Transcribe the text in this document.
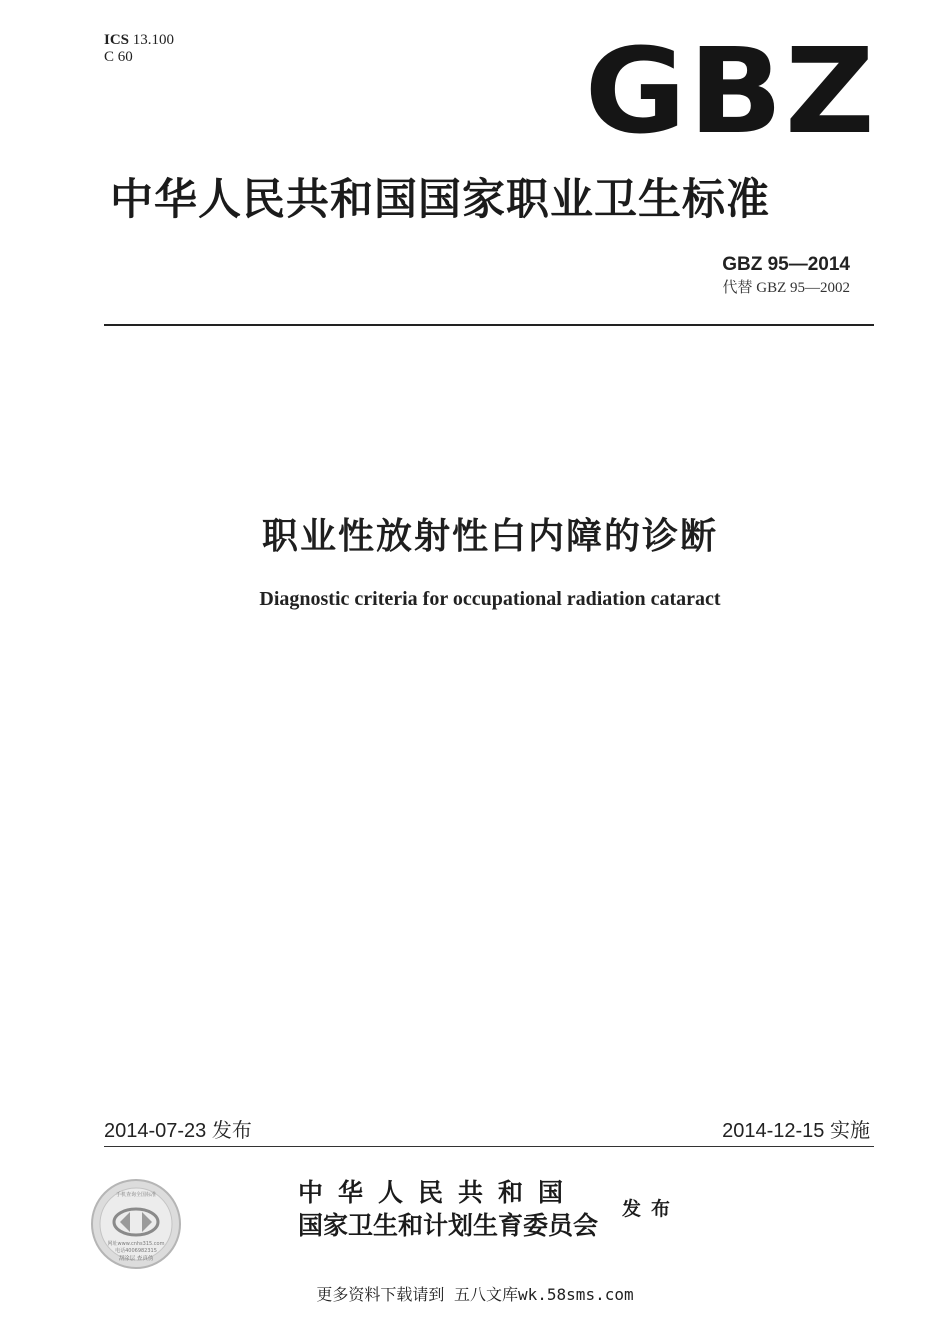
ICS 13.100
C 60	GBZ
中华人民共和国国家职业卫生标准
GBZ 95—2014
代替 GBZ 95—2002
职业性放射性白内障的诊断
Diagnostic criteria for occupational radiation cataract
2014-07-23 发布	2014-12-15 实施
手机查询全国标准
网址www.cnhs315.com
电话4006982315
刮涂层 查真伪
中华人民共和国
国家卫生和计划生育委员会
发布
更多资料下载请到 五八文库wk.58sms.com
